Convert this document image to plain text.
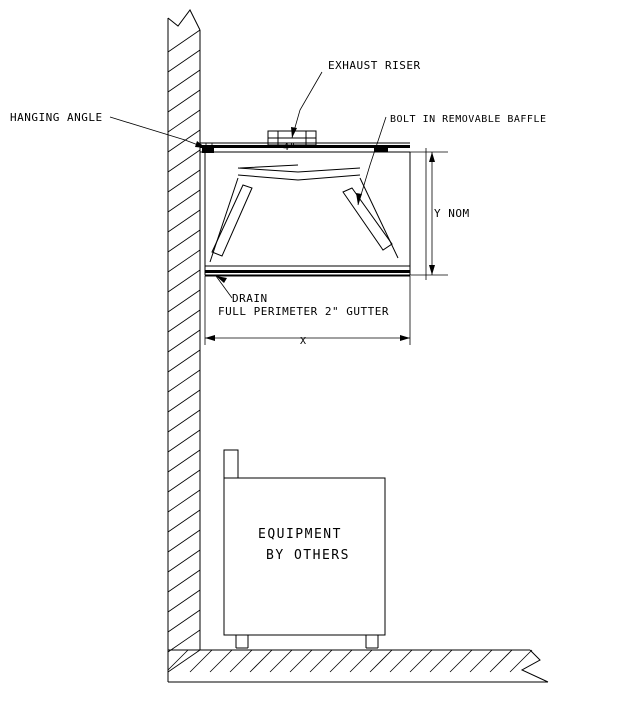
HANGING ANGLE
EXHAUST RISER
BOLT IN REMOVABLE BAFFLE
4"
Y NOM
X
DRAIN
FULL PERIMETER 2" GUTTER
EQUIPMENT
BY OTHERS
